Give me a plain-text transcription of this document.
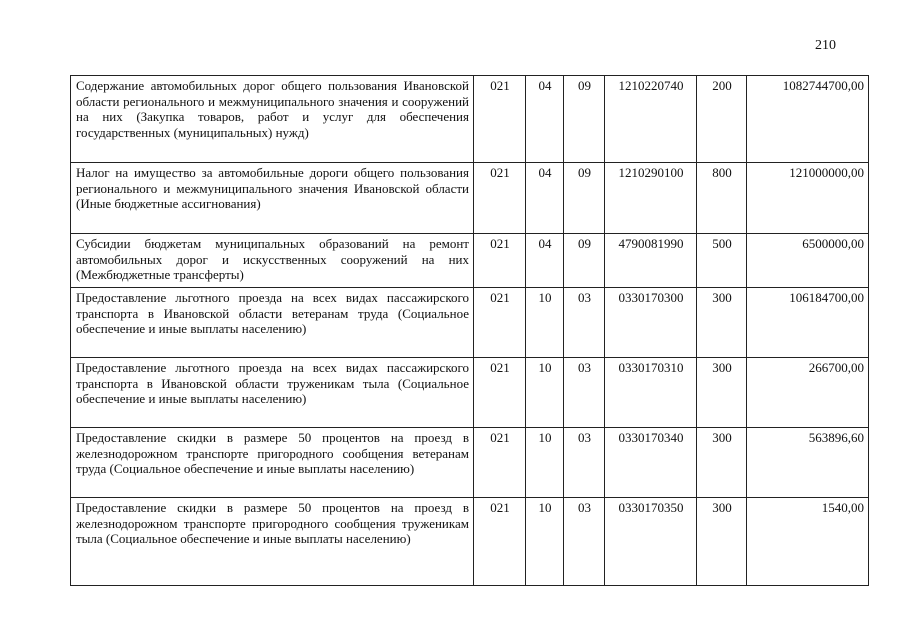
210
Содержание автомобильных дорог общего пользования Ивановской области регионального и межмуниципального значения и сооружений на них (Закупка товаров, работ и услуг для обеспечения государственных (муниципальных) нужд)	021	04	09	1210220740	200	1082744700,00
Налог на имущество за автомобильные дороги общего пользования регионального и межмуниципального значения Ивановской области (Иные бюджетные ассигнования)	021	04	09	1210290100	800	121000000,00
Субсидии бюджетам муниципальных образований на ремонт автомобильных дорог и искусственных сооружений на них (Межбюджетные трансферты)	021	04	09	4790081990	500	6500000,00
Предоставление льготного проезда на всех видах пассажирского транспорта в Ивановской области ветеранам труда (Социальное обеспечение и иные выплаты населению)	021	10	03	0330170300	300	106184700,00
Предоставление льготного проезда на всех видах пассажирского транспорта в Ивановской области труженикам тыла (Социальное обеспечение и иные выплаты населению)	021	10	03	0330170310	300	266700,00
Предоставление скидки в размере 50 процентов на проезд в железнодорожном транспорте пригородного сообщения ветеранам труда (Социальное обеспечение и иные выплаты населению)	021	10	03	0330170340	300	563896,60
Предоставление скидки в размере 50 процентов на проезд в железнодорожном транспорте пригородного сообщения труженикам тыла (Социальное обеспечение и иные выплаты населению)	021	10	03	0330170350	300	1540,00
